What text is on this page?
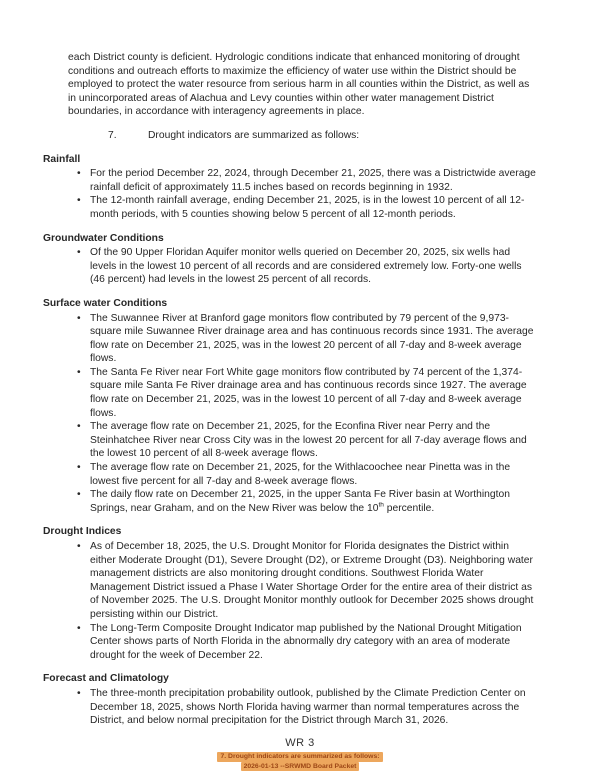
each District county is deficient. Hydrologic conditions indicate that enhanced monitoring of drought conditions and outreach efforts to maximize the efficiency of water use within the District should be employed to protect the water resource from serious harm in all counties within the District, as well as in unincorporated areas of Alachua and Levy counties within other water management District boundaries, in accordance with interagency agreements in place.

7.	Drought indicators are summarized as follows:
Rainfall
• For the period December 22, 2024, through December 21, 2025, there was a Districtwide average rainfall deficit of approximately 11.5 inches based on records beginning in 1932.
• The 12-month rainfall average, ending December 21, 2025, is in the lowest 10 percent of all 12-month periods, with 5 counties showing below 5 percent of all 12-month periods.
Groundwater Conditions
• Of the 90 Upper Floridan Aquifer monitor wells queried on December 20, 2025, six wells had levels in the lowest 10 percent of all records and are considered extremely low. Forty-one wells (46 percent) had levels in the lowest 25 percent of all records.
Surface water Conditions
• The Suwannee River at Branford gage monitors flow contributed by 79 percent of the 9,973-square mile Suwannee River drainage area and has continuous records since 1931. The average flow rate on December 21, 2025, was in the lowest 20 percent of all 7-day and 8-week average flows.
• The Santa Fe River near Fort White gage monitors flow contributed by 74 percent of the 1,374-square mile Santa Fe River drainage area and has continuous records since 1927. The average flow rate on December 21, 2025, was in the lowest 10 percent of all 7-day and 8-week average flows.
• The average flow rate on December 21, 2025, for the Econfina River near Perry and the Steinhatchee River near Cross City was in the lowest 20 percent for all 7-day average flows and the lowest 10 percent of all 8-week average flows.
• The average flow rate on December 21, 2025, for the Withlacoochee near Pinetta was in the lowest five percent for all 7-day and 8-week average flows.
• The daily flow rate on December 21, 2025, in the upper Santa Fe River basin at Worthington Springs, near Graham, and on the New River was below the 10th percentile.
Drought Indices
• As of December 18, 2025, the U.S. Drought Monitor for Florida designates the District within either Moderate Drought (D1), Severe Drought (D2), or Extreme Drought (D3). Neighboring water management districts are also monitoring drought conditions. Southwest Florida Water Management District issued a Phase I Water Shortage Order for the entire area of their district as of November 2025. The U.S. Drought Monitor monthly outlook for December 2025 shows drought persisting within our District.
• The Long-Term Composite Drought Indicator map published by the National Drought Mitigation Center shows parts of North Florida in the abnormally dry category with an area of moderate drought for the week of December 22.
Forecast and Climatology
• The three-month precipitation probability outlook, published by the Climate Prediction Center on December 18, 2025, shows North Florida having warmer than normal temperatures across the District, and below normal precipitation for the District through March 31, 2026.
WR 3
7. Drought indicators are summarized as follows:
2026-01-13 --SRWMD Board Packet
